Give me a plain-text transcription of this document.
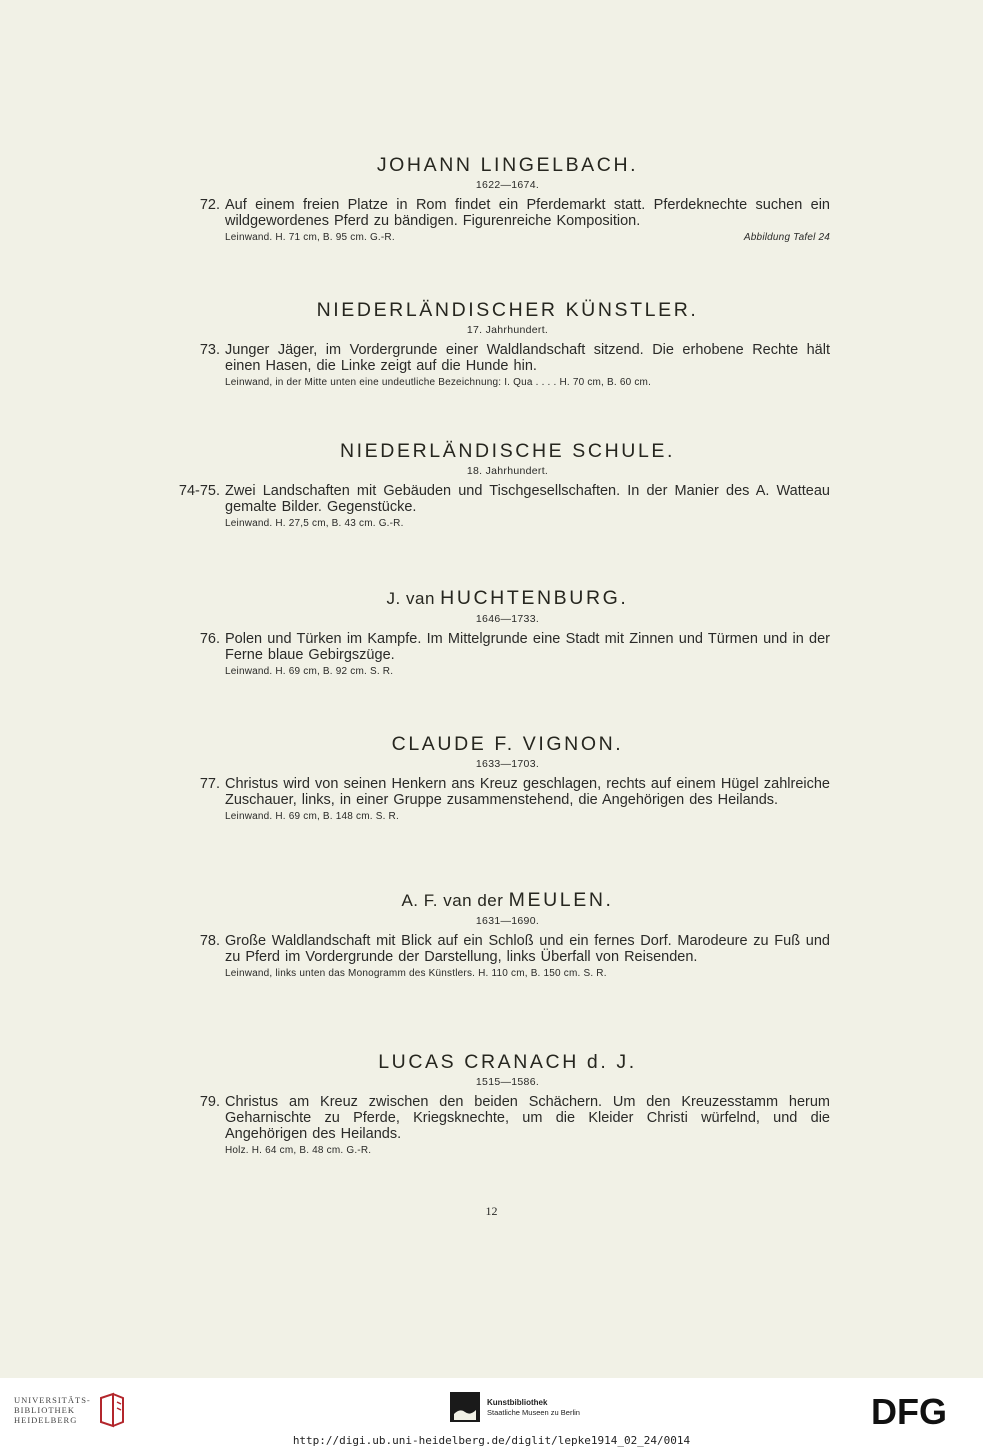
JOHANN LINGELBACH.
1622—1674.
72. Auf einem freien Platze in Rom findet ein Pferdemarkt statt. Pferdeknechte suchen ein wildgewordenes Pferd zu bändigen. Figurenreiche Komposition.
Leinwand. H. 71 cm, B. 95 cm. G.-R.	Abbildung Tafel 24
NIEDERLÄNDISCHER KÜNSTLER.
17. Jahrhundert.
73. Junger Jäger, im Vordergrunde einer Waldlandschaft sitzend. Die erhobene Rechte hält einen Hasen, die Linke zeigt auf die Hunde hin.
Leinwand, in der Mitte unten eine undeutliche Bezeichnung: I. Qua . . . . H. 70 cm, B. 60 cm.
NIEDERLÄNDISCHE SCHULE.
18. Jahrhundert.
74-75. Zwei Landschaften mit Gebäuden und Tischgesellschaften. In der Manier des A. Watteau gemalte Bilder. Gegenstücke.
Leinwand. H. 27,5 cm, B. 43 cm. G.-R.
J. van HUCHTENBURG.
1646—1733.
76. Polen und Türken im Kampfe. Im Mittelgrunde eine Stadt mit Zinnen und Türmen und in der Ferne blaue Gebirgszüge.
Leinwand. H. 69 cm, B. 92 cm. S. R.
CLAUDE F. VIGNON.
1633—1703.
77. Christus wird von seinen Henkern ans Kreuz geschlagen, rechts auf einem Hügel zahlreiche Zuschauer, links, in einer Gruppe zusammenstehend, die Angehörigen des Heilands.
Leinwand. H. 69 cm, B. 148 cm. S. R.
A. F. van der MEULEN.
1631—1690.
78. Große Waldlandschaft mit Blick auf ein Schloß und ein fernes Dorf. Marodeure zu Fuß und zu Pferd im Vordergrunde der Darstellung, links Überfall von Reisenden.
Leinwand, links unten das Monogramm des Künstlers. H. 110 cm, B. 150 cm. S. R.
LUCAS CRANACH d. J.
1515—1586.
79. Christus am Kreuz zwischen den beiden Schächern. Um den Kreuzesstamm herum Geharnischte zu Pferde, Kriegsknechte, um die Kleider Christi würfelnd, und die Angehörigen des Heilands.
Holz. H. 64 cm, B. 48 cm. G.-R.
12
UNIVERSITÄTS-
BIBLIOTHEK
HEIDELBERG
Kunstbibliothek
Staatliche Museen zu Berlin	DFG
http://digi.ub.uni-heidelberg.de/diglit/lepke1914_02_24/0014
